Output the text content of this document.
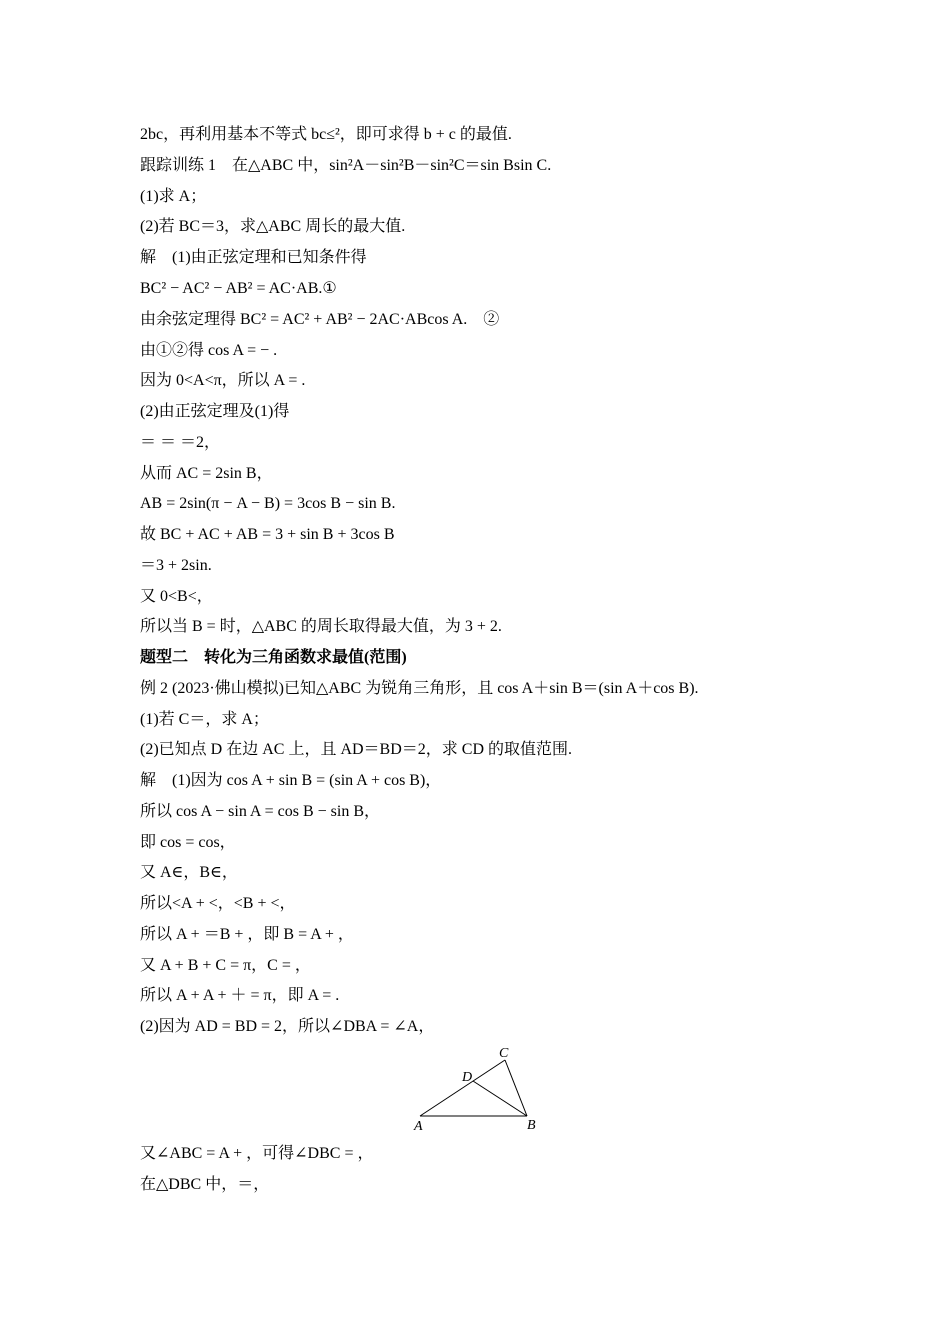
2bc，再利用基本不等式 bc≤²，即可求得 b + c 的最值.
跟踪训练 1　在△ABC 中，sin²A－sin²B－sin²C＝sin Bsin C.
(1)求 A；
(2)若 BC＝3，求△ABC 周长的最大值.
解　(1)由正弦定理和已知条件得
BC² − AC² − AB² = AC·AB.①
由余弦定理得 BC² = AC² + AB² − 2AC·ABcos A.　②
由①②得 cos A = − .
因为 0<A<π，所以 A = .
(2)由正弦定理及(1)得
＝ ＝ ＝2，
从而 AC = 2sin B，
AB = 2sin(π − A − B) = 3cos B − sin B.
故 BC + AC + AB = 3 + sin B + 3cos B
＝3 + 2sin.
又 0<B<，
所以当 B = 时，△ABC 的周长取得最大值，为 3 + 2.
题型二　转化为三角函数求最值(范围)
例 2 (2023·佛山模拟)已知△ABC 为锐角三角形，且 cos A＋sin B＝(sin A＋cos B).
(1)若 C＝，求 A；
(2)已知点 D 在边 AC 上，且 AD＝BD＝2，求 CD 的取值范围.
解　(1)因为 cos A + sin B = (sin A + cos B)，
所以 cos A − sin A = cos B − sin B，
即 cos = cos，
又 A∈，B∈，
所以<A + <，<B + <，
所以 A + ＝B + ，即 B = A + ，
又 A + B + C = π，C = ，
所以 A + A + ＋ = π，即 A = .
(2)因为 AD = BD = 2，所以∠DBA = ∠A，
C
D
A	B
又∠ABC = A + ，可得∠DBC = ，
在△DBC 中，＝，
